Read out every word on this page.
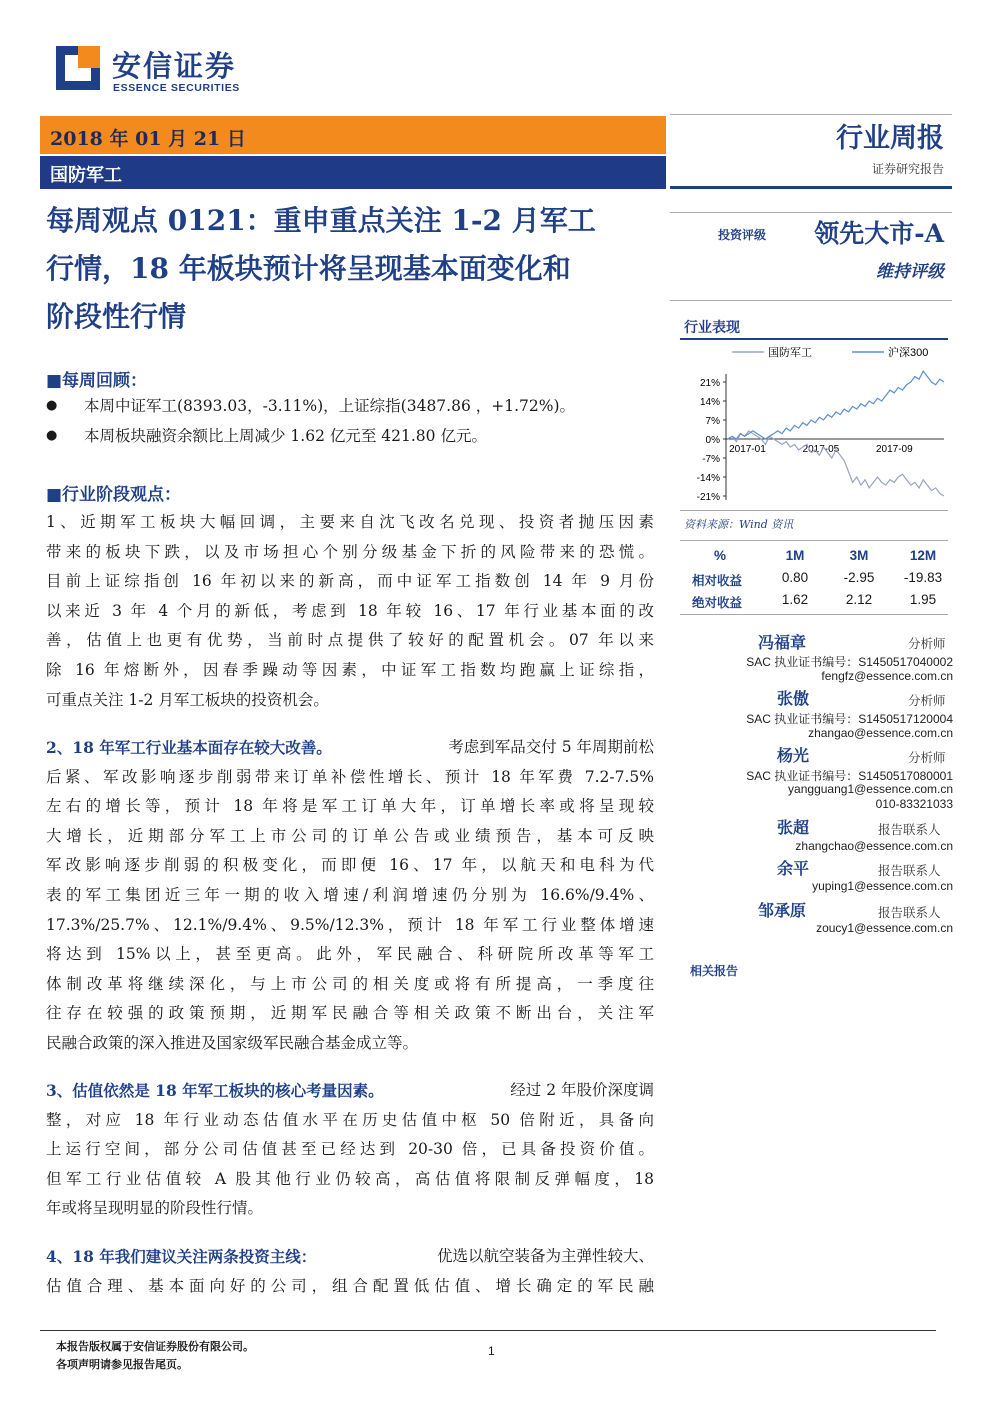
安信证券
ESSENCE SECURITIES
2018 年 01 月 21 日
国防军工
行业周报
证券研究报告
每周观点 0121：重申重点关注 1-2 月军工
行情，18 年板块预计将呈现基本面变化和
阶段性行情
投资评级 领先大市-A
维持评级
行业表现
国防军工	沪深300
21%
14%
7%
0%
-7%
-14%
-21%
2017-01	2017-05	2017-09
资料来源：Wind 资讯
%	1M	3M	12M
相对收益	0.80	-2.95	-19.83
绝对收益	1.62	2.12	1.95
冯福章	分析师
SAC 执业证书编号：S1450517040002
fengfz@essence.com.cn
张傲	分析师
SAC 执业证书编号：S1450517120004
zhangao@essence.com.cn
杨光	分析师
SAC 执业证书编号：S1450517080001
yangguang1@essence.com.cn
010-83321033
张超	报告联系人
zhangchao@essence.com.cn
余平	报告联系人
yuping1@essence.com.cn
邹承原	报告联系人
zoucy1@essence.com.cn
相关报告
■每周回顾：
● 本周中证军工(8393.03，-3.11%)，上证综指(3487.86 ，+1.72%)。
● 本周板块融资余额比上周减少 1.62 亿元至 421.80 亿元。
■行业阶段观点：
1、近期军工板块大幅回调，主要来自沈飞改名兑现、投资者抛压因素
带来的板块下跌，以及市场担心个别分级基金下折的风险带来的恐慌。
目前上证综指创 16 年初以来的新高，而中证军工指数创 14 年 9 月份
以来近 3 年 4 个月的新低，考虑到 18 年较 16、17 年行业基本面的改
善，估值上也更有优势，当前时点提供了较好的配置机会。07 年以来
除 16 年熔断外，因春季躁动等因素，中证军工指数均跑赢上证综指，
可重点关注 1-2 月军工板块的投资机会。
2、18 年军工行业基本面存在较大改善。	考虑到军品交付 5 年周期前松
后紧、军改影响逐步削弱带来订单补偿性增长、预计 18 年军费 7.2-7.5%
左右的增长等，预计 18 年将是军工订单大年，订单增长率或将呈现较
大增长，近期部分军工上市公司的订单公告或业绩预告，基本可反映
军改影响逐步削弱的积极变化，而即便 16、17 年，以航天和电科为代
表的军工集团近三年一期的收入增速/利润增速仍分别为 16.6%/9.4%、
17.3%/25.7%、12.1%/9.4%、9.5%/12.3%，预计 18 年军工行业整体增速
将达到 15%以上，甚至更高。此外，军民融合、科研院所改革等军工
体制改革将继续深化，与上市公司的相关度或将有所提高，一季度往
往存在较强的政策预期，近期军民融合等相关政策不断出台，关注军
民融合政策的深入推进及国家级军民融合基金成立等。
3、估值依然是 18 年军工板块的核心考量因素。	经过 2 年股价深度调
整，对应 18 年行业动态估值水平在历史估值中枢 50 倍附近，具备向
上运行空间，部分公司估值甚至已经达到 20-30 倍，已具备投资价值。
但军工行业估值较 A 股其他行业仍较高，高估值将限制反弹幅度，18
年或将呈现明显的阶段性行情。
4、18 年我们建议关注两条投资主线：	优选以航空装备为主弹性较大、
估值合理、基本面向好的公司，组合配置低估值、增长确定的军民融
本报告版权属于安信证券股份有限公司。
各项声明请参见报告尾页。
1
